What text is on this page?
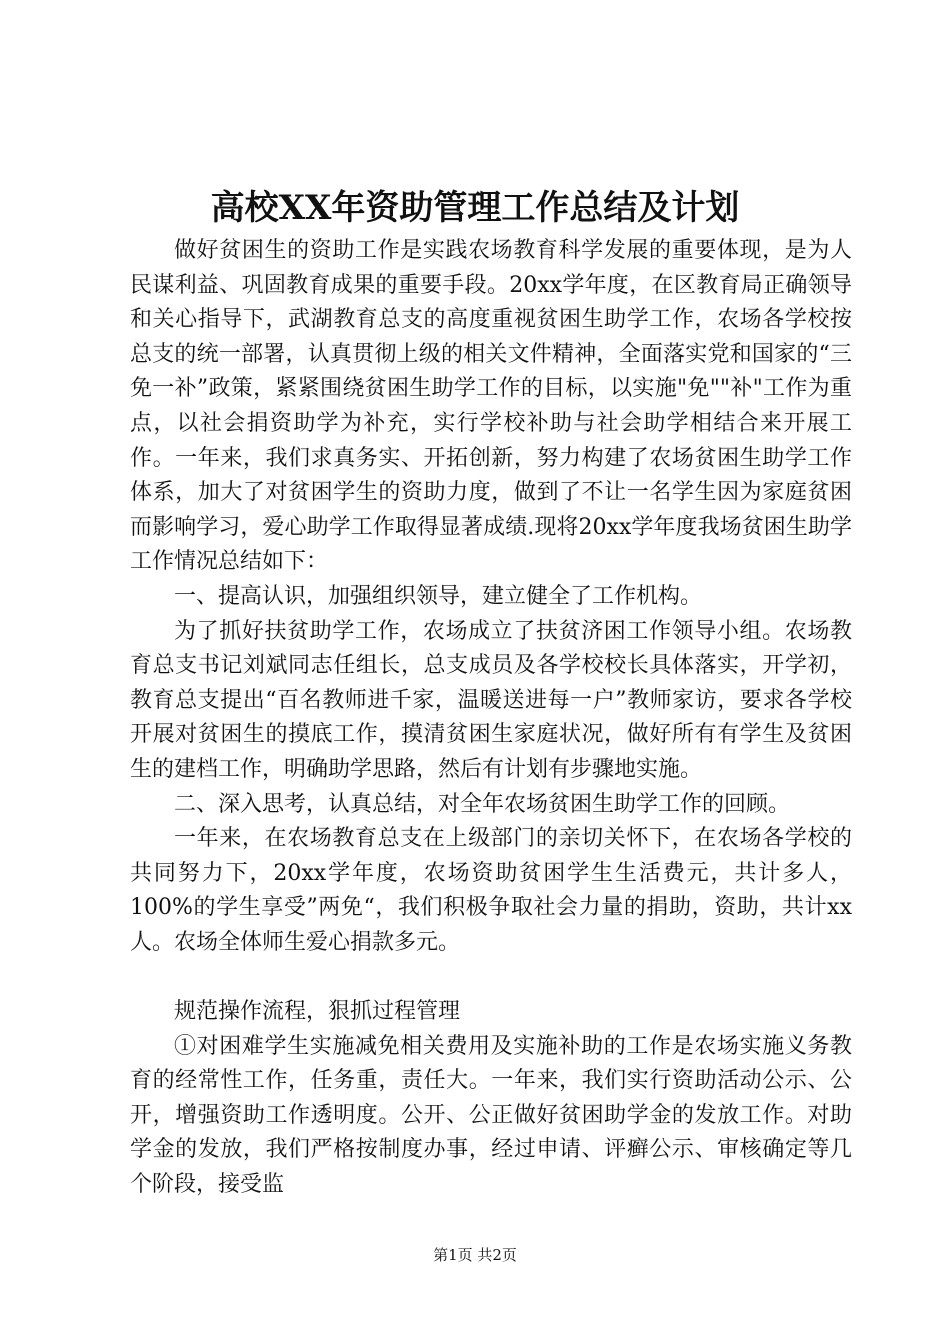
高校XX年资助管理工作总结及计划

做好贫困生的资助工作是实践农场教育科学发展的重要体现，是为人民谋利益、巩固教育成果的重要手段。20xx学年度，在区教育局正确领导和关心指导下，武湖教育总支的高度重视贫困生助学工作，农场各学校按总支的统一部署，认真贯彻上级的相关文件精神，全面落实党和国家的“三免一补”政策，紧紧围绕贫困生助学工作的目标，以实施"免""补"工作为重点，以社会捐资助学为补充，实行学校补助与社会助学相结合来开展工作。一年来，我们求真务实、开拓创新，努力构建了农场贫困生助学工作体系，加大了对贫困学生的资助力度，做到了不让一名学生因为家庭贫困而影响学习，爱心助学工作取得显著成绩.现将20xx学年度我场贫困生助学工作情况总结如下：

一、提高认识，加强组织领导，建立健全了工作机构。

为了抓好扶贫助学工作，农场成立了扶贫济困工作领导小组。农场教育总支书记刘斌同志任组长，总支成员及各学校校长具体落实，开学初，教育总支提出“百名教师进千家，温暖送进每一户”教师家访，要求各学校开展对贫困生的摸底工作，摸清贫困生家庭状况，做好所有有学生及贫困生的建档工作，明确助学思路，然后有计划有步骤地实施。

二、深入思考，认真总结，对全年农场贫困生助学工作的回顾。

一年来，在农场教育总支在上级部门的亲切关怀下，在农场各学校的共同努力下，20xx学年度，农场资助贫困学生生活费元，共计多人，100%的学生享受”两免“，我们积极争取社会力量的捐助，资助，共计xx人。农场全体师生爱心捐款多元。

规范操作流程，狠抓过程管理

①对困难学生实施减免相关费用及实施补助的工作是农场实施义务教育的经常性工作，任务重，责任大。一年来，我们实行资助活动公示、公开，增强资助工作透明度。公开、公正做好贫困助学金的发放工作。对助学金的发放，我们严格按制度办事，经过申请、评癣公示、审核确定等几个阶段，接受监

第1页 共2页
